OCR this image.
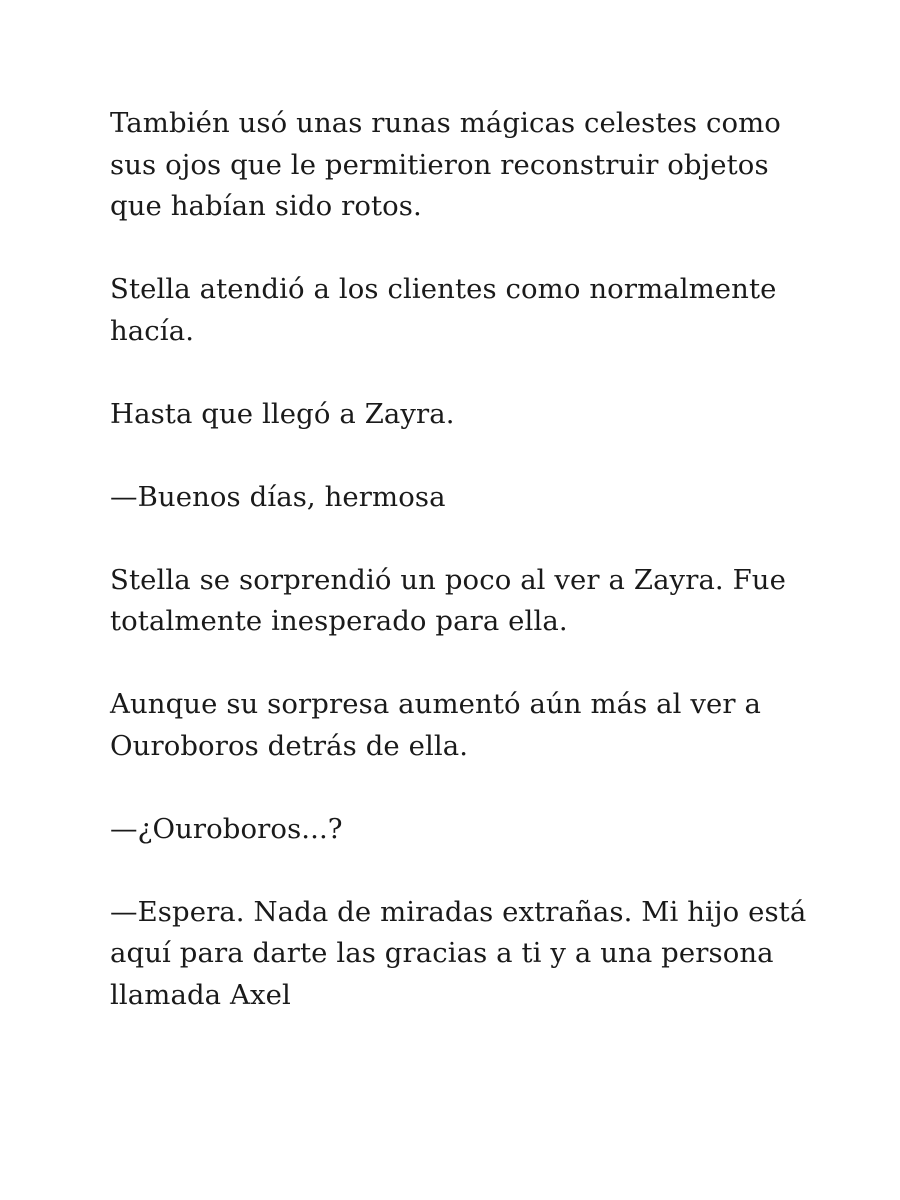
También usó unas runas mágicas celestes como
sus ojos que le permitieron reconstruir objetos
que habían sido rotos.

Stella atendió a los clientes como normalmente
hacía.

Hasta que llegó a Zayra.

—Buenos días, hermosa

Stella se sorprendió un poco al ver a Zayra. Fue
totalmente inesperado para ella.

Aunque su sorpresa aumentó aún más al ver a
Ouroboros detrás de ella.

—¿Ouroboros...?

—Espera. Nada de miradas extrañas. Mi hijo está
aquí para darte las gracias a ti y a una persona
llamada Axel
